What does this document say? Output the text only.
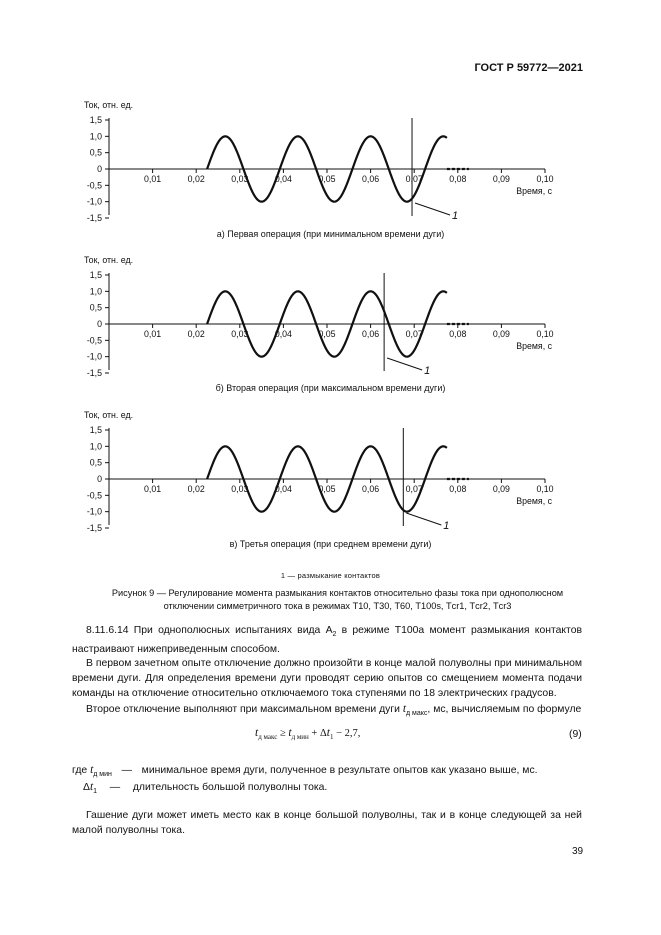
ГОСТ Р 59772—2021
Ток, отн. ед.
1,5
1,0
0,5
0
-0,5
-1,0
-1,5
0,01	0,02	0,03	0,04	0,05	0,06	0,07	0,08	0,09	0,10
Время, с
1
а) Первая операция (при минимальном времени дуги)
Ток, отн. ед.
1,5
1,0
0,5
0
-0,5
-1,0
-1,5
0,01	0,02	0,03	0,04	0,05	0,06	0,07	0,08	0,09	0,10
Время, с
1
б) Вторая операция (при максимальном времени дуги)
Ток, отн. ед.
1,5
1,0
0,5
0
-0,5
-1,0
-1,5
0,01	0,02	0,03	0,04	0,05	0,06	0,07	0,08	0,09	0,10
Время, с
1
в) Третья операция (при среднем времени дуги)
1 — размыкание контактов
Рисунок 9 — Регулирование момента размыкания контактов относительно фазы тока при однополюсном
отключении симметричного тока в режимах Т10, Т30, Т60, Т100s, Тcr1, Тcr2, Тcr3
8.11.6.14 При однополюсных испытаниях вида $A_2$ в режиме T100a момент размыкания контактов настраивают нижеприведенным способом.
В первом зачетном опыте отключение должно произойти в конце малой полуволны при минимальном времени дуги. Для определения времени дуги проводят серию опытов со смещением момента подачи команды на отключение относительно отключаемого тока ступенями по 18 электрических градусов.
Второе отключение выполняют при максимальном времени дуги $t_{д макс}$, мс, вычисляемым по формуле
$t_{д макс} \ge t_{д мин} + \Delta t_1 - 2,7$,	(9)
где $t_{д мин}$ — минимальное время дуги, полученное в результате опытов как указано выше, мс.
$\Delta t_1$ — длительность большой полуволны тока.
Гашение дуги может иметь место как в конце большой полуволны, так и в конце следующей за ней малой полуволны тока.
39
